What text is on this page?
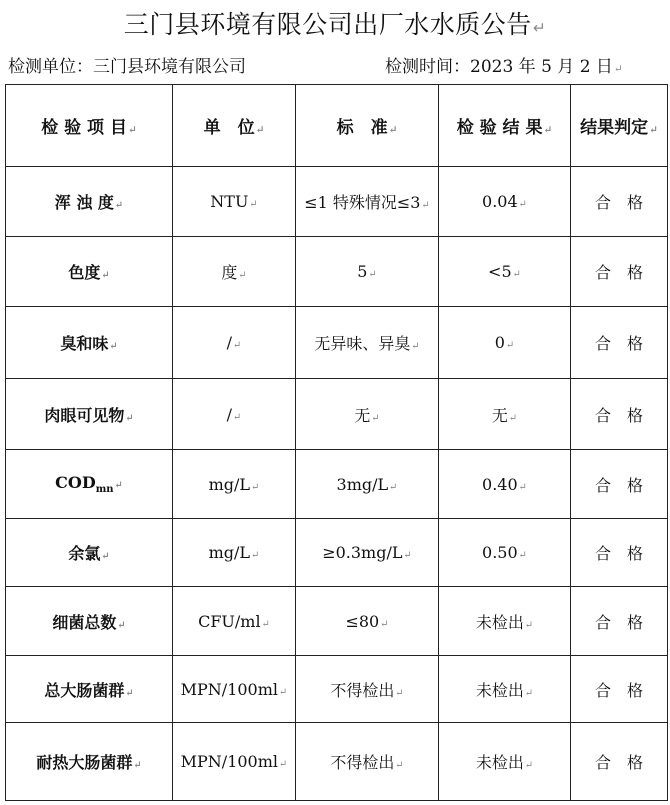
三门县环境有限公司出厂水水质公告↵
检测单位：三门县环境有限公司	检测时间：2023 年 5 月 2 日↵
检 验 项 目↵	单　位↵	标　准↵	检 验 结 果↵	结果判定↵
浑 浊 度↵	NTU↵	≤1 特殊情况≤3↵	0.04↵	合　格
色度↵	度↵	5↵	<5↵	合　格
臭和味↵	/↵	无异味、异臭↵	0↵	合　格
肉眼可见物↵	/↵	无↵	无↵	合　格
$COD_{mn}↵$	mg/L↵	3mg/L↵	0.40↵	合　格
余氯↵	mg/L↵	≥0.3mg/L↵	0.50↵	合　格
细菌总数↵	CFU/ml↵	≤80↵	未检出↵	合　格
总大肠菌群↵	MPN/100ml↵	不得检出↵	未检出↵	合　格
耐热大肠菌群↵	MPN/100ml↵	不得检出↵	未检出↵	合　格
